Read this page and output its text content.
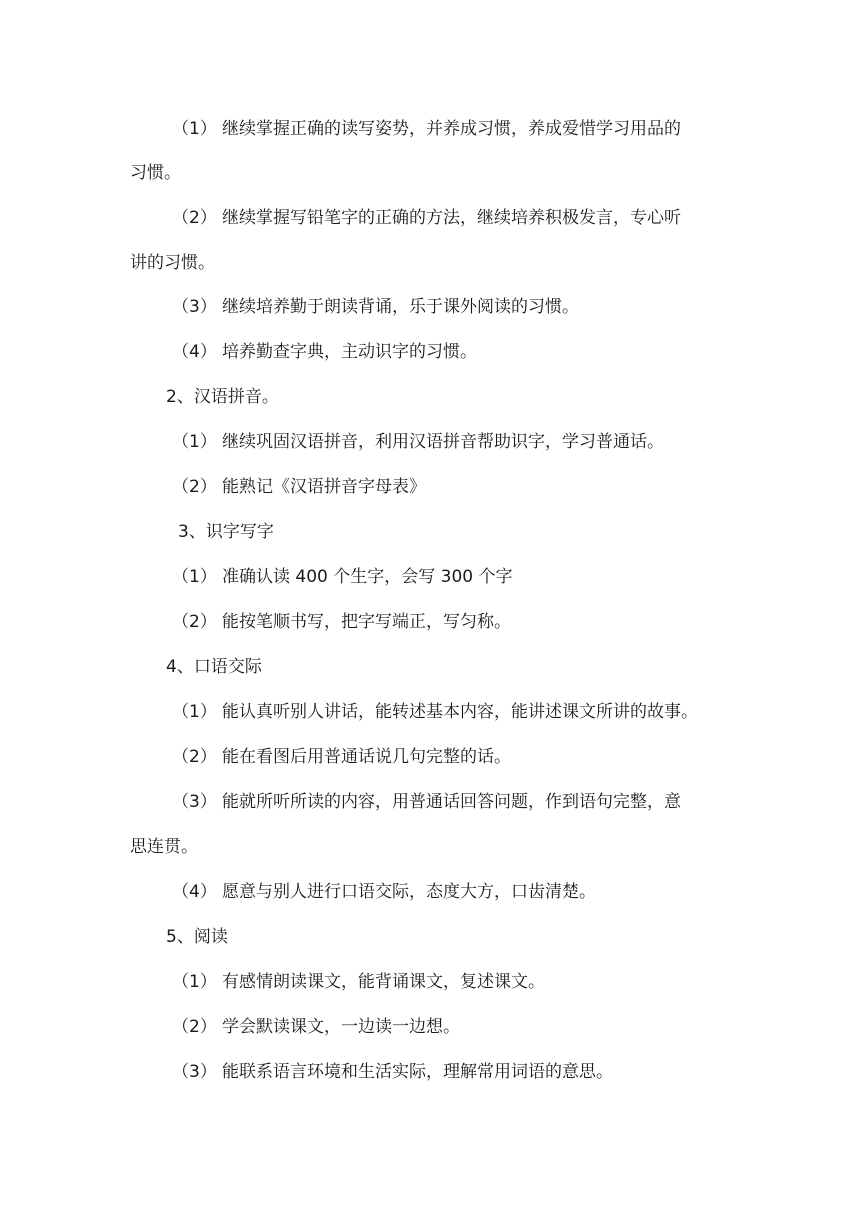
（1） 继续掌握正确的读写姿势，并养成习惯，养成爱惜学习用品的
习惯。
（2） 继续掌握写铅笔字的正确的方法，继续培养积极发言，专心听
讲的习惯。
（3） 继续培养勤于朗读背诵，乐于课外阅读的习惯。
（4） 培养勤查字典，主动识字的习惯。
2、汉语拼音。
（1） 继续巩固汉语拼音，利用汉语拼音帮助识字，学习普通话。
（2） 能熟记《汉语拼音字母表》
3、识字写字
（1） 准确认读 400 个生字，会写 300 个字
（2） 能按笔顺书写，把字写端正，写匀称。
4、口语交际
（1） 能认真听别人讲话，能转述基本内容，能讲述课文所讲的故事。
（2） 能在看图后用普通话说几句完整的话。
（3） 能就所听所读的内容，用普通话回答问题，作到语句完整，意
思连贯。
（4） 愿意与别人进行口语交际，态度大方，口齿清楚。
5、阅读
（1） 有感情朗读课文，能背诵课文，复述课文。
（2） 学会默读课文，一边读一边想。
（3） 能联系语言环境和生活实际，理解常用词语的意思。
